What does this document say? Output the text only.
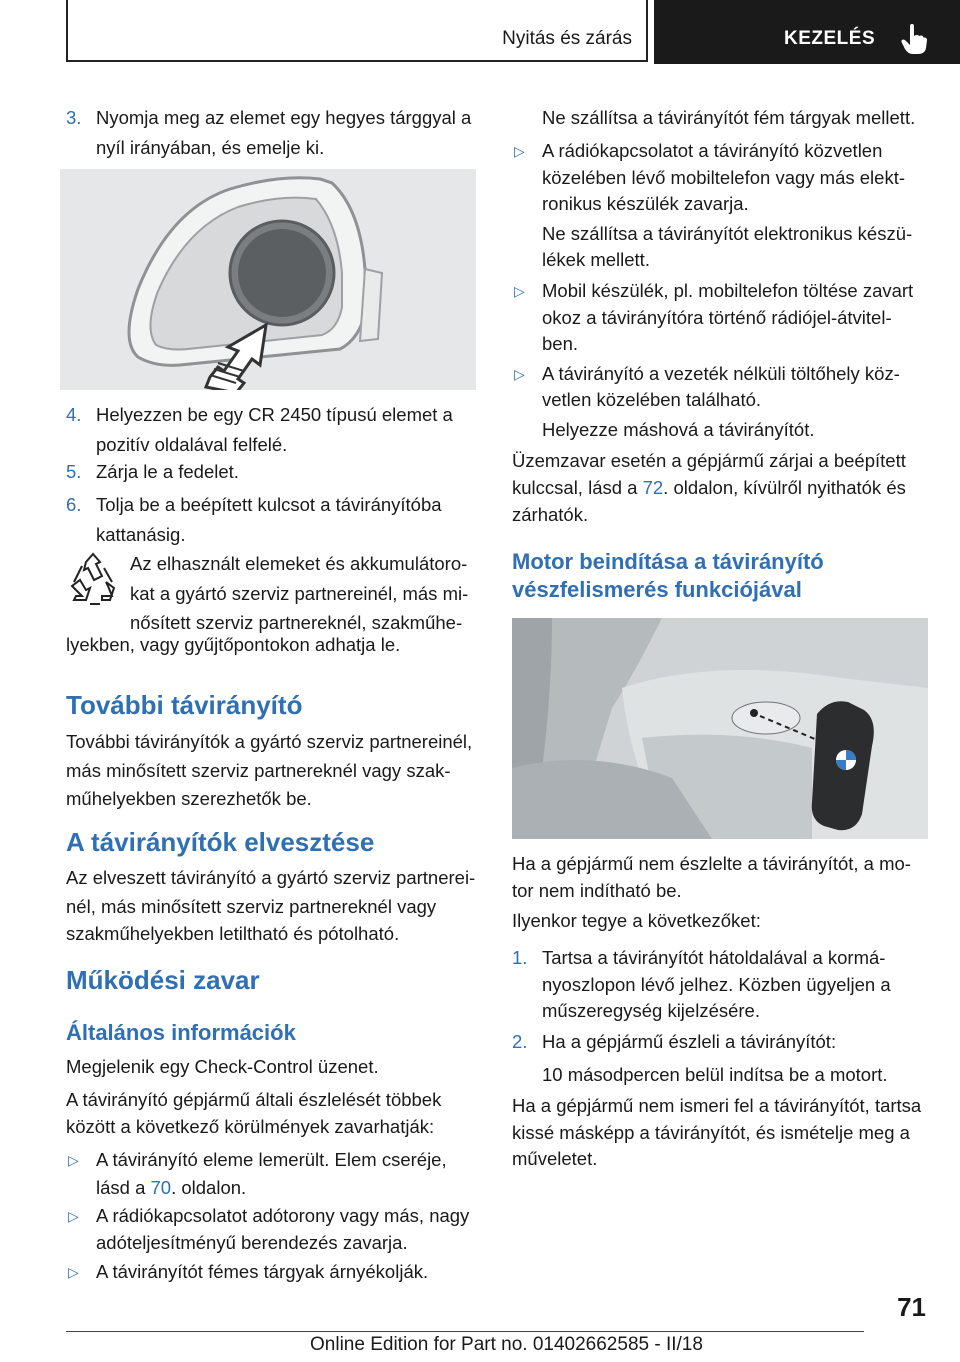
Nyitás és zárás	KEZELÉS
3. Nyomja meg az elemet egy hegyes tárggyal a

nyíl irányában, és emelje ki.

4. Helyezzen be egy CR 2450 típusú elemet a

pozitív oldalával felfelé.

5. Zárja le a fedelet.

6. Tolja be a beépített kulcsot a távirányítóba

kattanásig.

Az elhasznált elemeket és akkumulátoro-

kat a gyártó szerviz partnereinél, más mi-

nősített szerviz partnereknél, szakműhe-

lyekben, vagy gyűjtőpontokon adhatja le.

További távirányító

További távirányítók a gyártó szerviz partnereinél,

más minősített szerviz partnereknél vagy szak-

műhelyekben szerezhetők be.

A távirányítók elvesztése

Az elveszett távirányító a gyártó szerviz partnerei-

nél, más minősített szerviz partnereknél vagy

szakműhelyekben letiltható és pótolható.

Működési zavar
Általános információk

Megjelenik egy Check-Control üzenet.

A távirányító gépjármű általi észlelését többek

között a következő körülmények zavarhatják:

▷ A távirányító eleme lemerült. Elem cseréje,

lásd a 70. oldalon.

▷ A rádiókapcsolatot adótorony vagy más, nagy

adóteljesítményű berendezés zavarja.

▷ A távirányítót fémes tárgyak árnyékolják.

Ne szállítsa a távirányítót fém tárgyak mellett.

▷ A rádiókapcsolatot a távirányító közvetlen

közelében lévő mobiltelefon vagy más elekt-

ronikus készülék zavarja.

Ne szállítsa a távirányítót elektronikus készü-

lékek mellett.

▷ Mobil készülék, pl. mobiltelefon töltése zavart

okoz a távirányítóra történő rádiójel-átvitel-

ben.

▷ A távirányító a vezeték nélküli töltőhely köz-

vetlen közelében található.

Helyezze máshová a távirányítót.

Üzemzavar esetén a gépjármű zárjai a beépített

kulccsal, lásd a 72. oldalon, kívülről nyithatók és

zárhatók.

Motor beindítása a távirányító
vészfelismerés funkciójával

Ha a gépjármű nem észlelte a távirányítót, a mo-

tor nem indítható be.

Ilyenkor tegye a következőket:

1. Tartsa a távirányítót hátoldalával a kormá-

nyoszlopon lévő jelhez. Közben ügyeljen a

műszeregység kijelzésére.

2. Ha a gépjármű észleli a távirányítót:

10 másodpercen belül indítsa be a motort.

Ha a gépjármű nem ismeri fel a távirányítót, tartsa

kissé másképp a távirányítót, és ismételje meg a

műveletet.

71
Online Edition for Part no. 01402662585 - II/18
